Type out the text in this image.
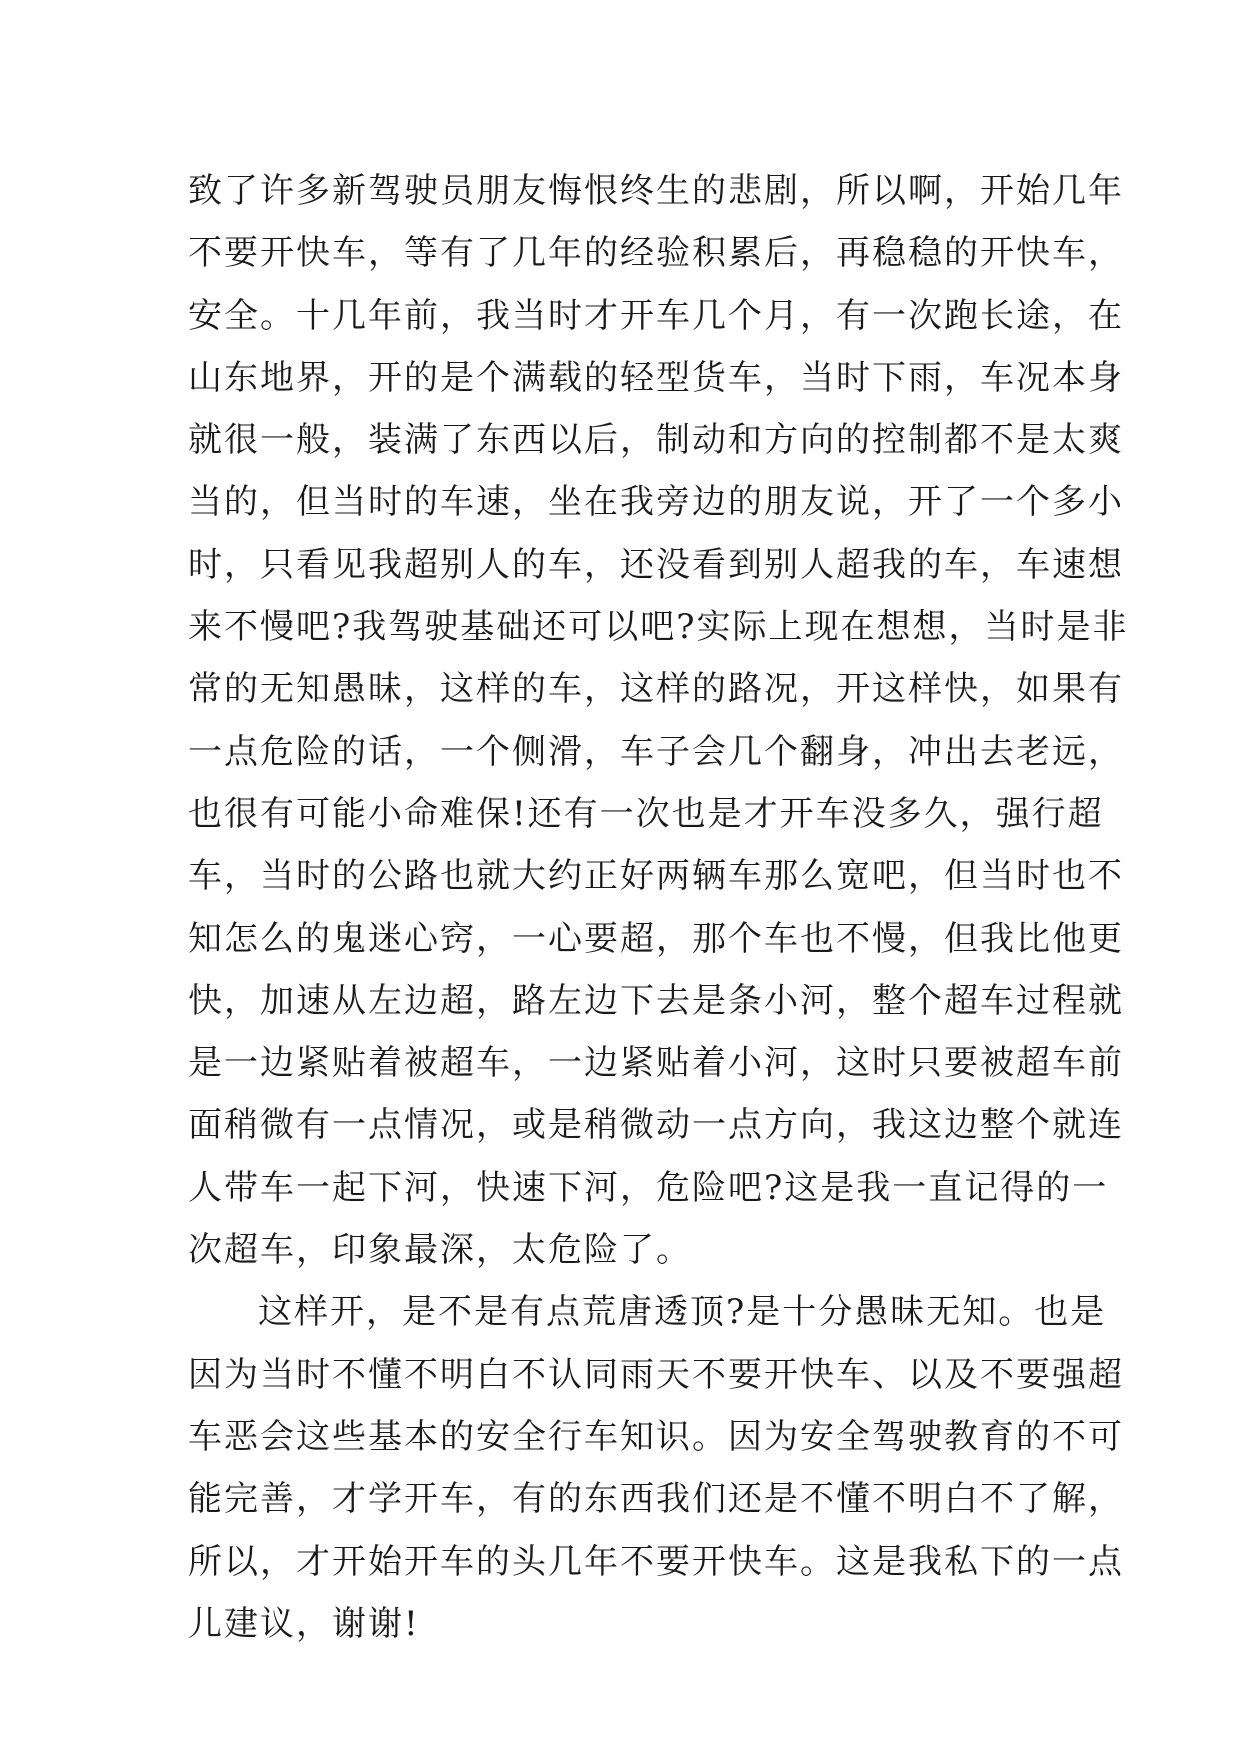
致了许多新驾驶员朋友悔恨终生的悲剧，所以啊，开始几年
不要开快车，等有了几年的经验积累后，再稳稳的开快车，
安全。十几年前，我当时才开车几个月，有一次跑长途，在
山东地界，开的是个满载的轻型货车，当时下雨，车况本身
就很一般，装满了东西以后，制动和方向的控制都不是太爽
当的，但当时的车速，坐在我旁边的朋友说，开了一个多小
时，只看见我超别人的车，还没看到别人超我的车，车速想
来不慢吧?我驾驶基础还可以吧?实际上现在想想，当时是非
常的无知愚昧，这样的车，这样的路况，开这样快，如果有
一点危险的话，一个侧滑，车子会几个翻身，冲出去老远，
也很有可能小命难保!还有一次也是才开车没多久，强行超
车，当时的公路也就大约正好两辆车那么宽吧，但当时也不
知怎么的鬼迷心窍，一心要超，那个车也不慢，但我比他更
快，加速从左边超，路左边下去是条小河，整个超车过程就
是一边紧贴着被超车，一边紧贴着小河，这时只要被超车前
面稍微有一点情况，或是稍微动一点方向，我这边整个就连
人带车一起下河，快速下河，危险吧?这是我一直记得的一
次超车，印象最深，太危险了。
这样开，是不是有点荒唐透顶?是十分愚昧无知。也是
因为当时不懂不明白不认同雨天不要开快车、以及不要强超
车恶会这些基本的安全行车知识。因为安全驾驶教育的不可
能完善，才学开车，有的东西我们还是不懂不明白不了解，
所以，才开始开车的头几年不要开快车。这是我私下的一点
儿建议，谢谢!
